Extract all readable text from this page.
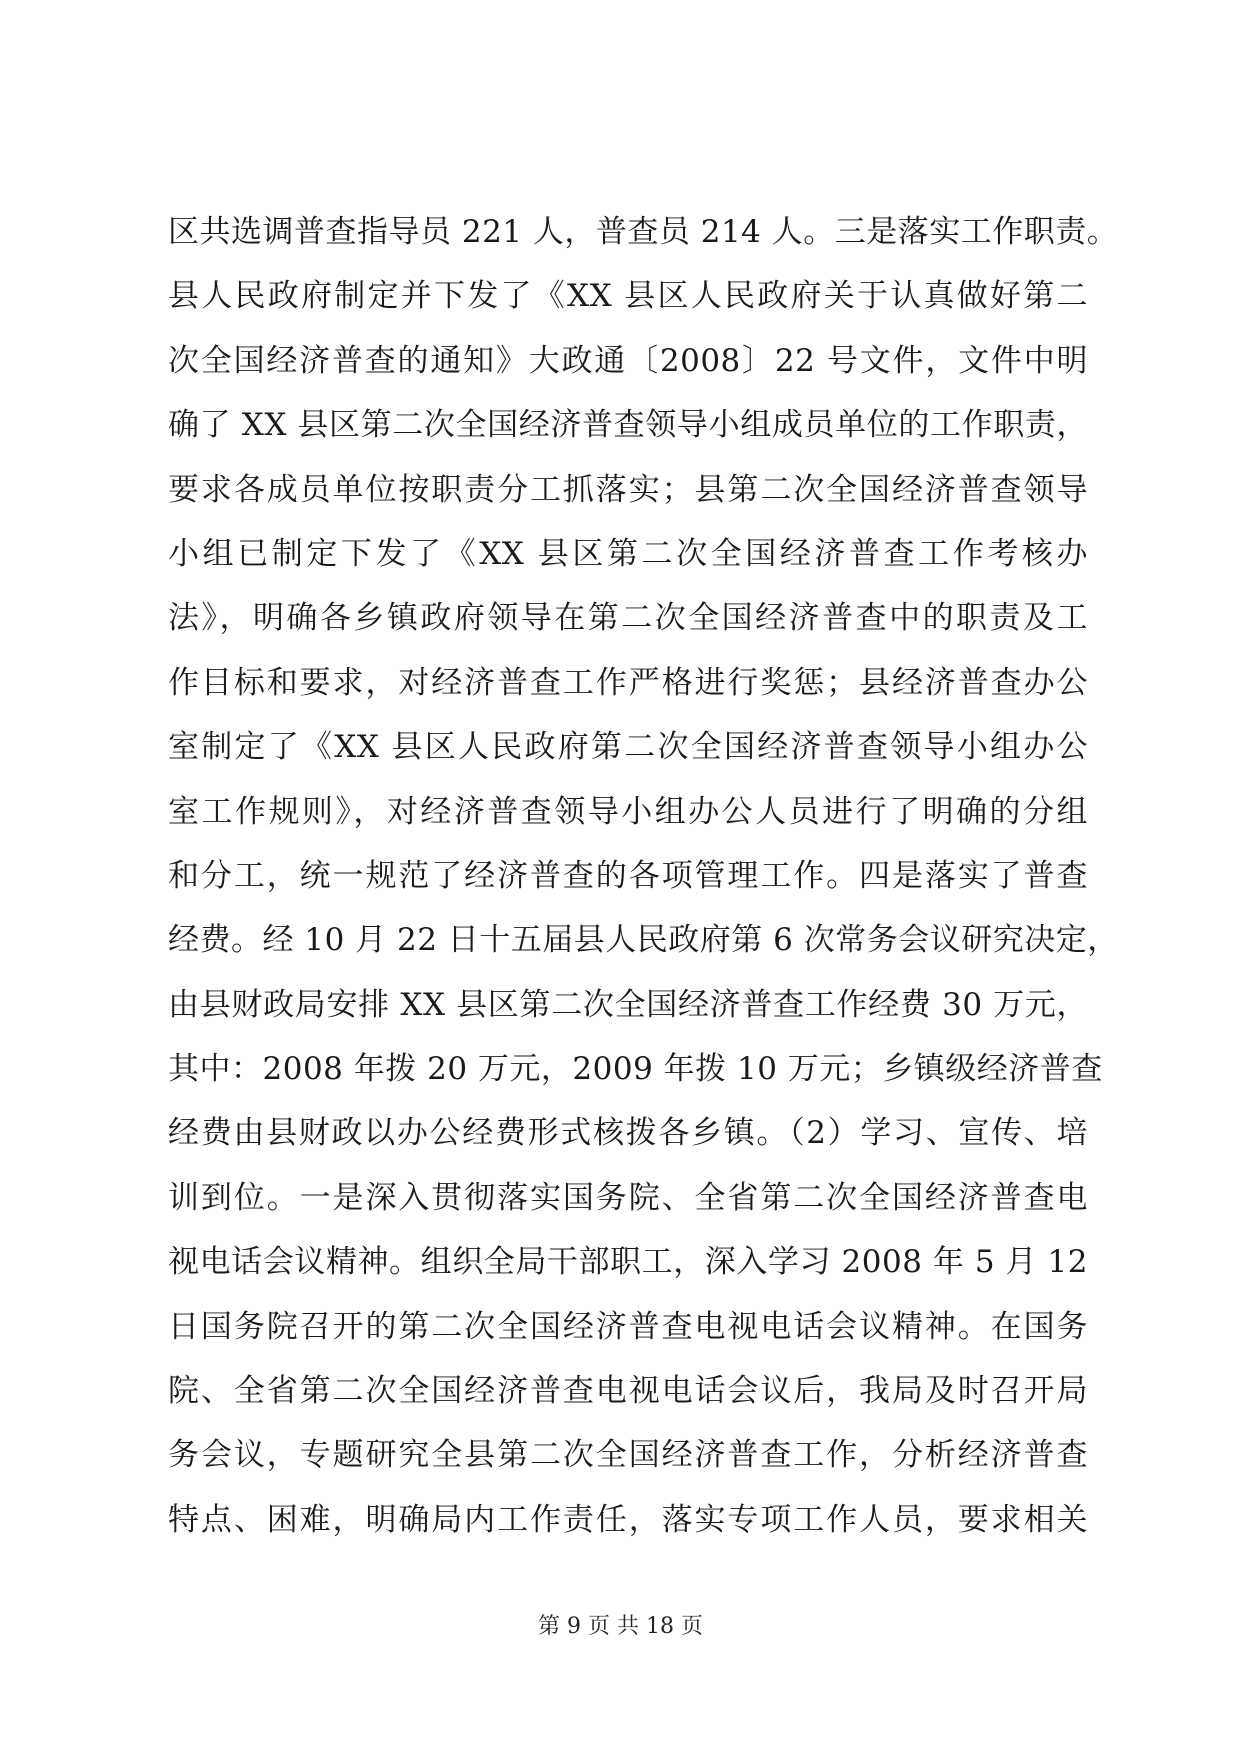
区共选调普查指导员 221 人，普查员 214 人。三是落实工作职责。
县人民政府制定并下发了《XX 县区人民政府关于认真做好第二
次全国经济普查的通知》大政通〔2008〕22 号文件，文件中明
确了 XX 县区第二次全国经济普查领导小组成员单位的工作职责，
要求各成员单位按职责分工抓落实；县第二次全国经济普查领导
小组已制定下发了《XX 县区第二次全国经济普查工作考核办
法》，明确各乡镇政府领导在第二次全国经济普查中的职责及工
作目标和要求，对经济普查工作严格进行奖惩；县经济普查办公
室制定了《XX 县区人民政府第二次全国经济普查领导小组办公
室工作规则》，对经济普查领导小组办公人员进行了明确的分组
和分工，统一规范了经济普查的各项管理工作。四是落实了普查
经费。经 10 月 22 日十五届县人民政府第 6 次常务会议研究决定，
由县财政局安排 XX 县区第二次全国经济普查工作经费 30 万元，
其中：2008 年拨 20 万元，2009 年拨 10 万元；乡镇级经济普查
经费由县财政以办公经费形式核拨各乡镇。（2）学习、宣传、培
训到位。一是深入贯彻落实国务院、全省第二次全国经济普查电
视电话会议精神。组织全局干部职工，深入学习 2008 年 5 月 12
日国务院召开的第二次全国经济普查电视电话会议精神。在国务
院、全省第二次全国经济普查电视电话会议后，我局及时召开局
务会议，专题研究全县第二次全国经济普查工作，分析经济普查
特点、困难，明确局内工作责任，落实专项工作人员，要求相关
第 9 页 共 18 页
